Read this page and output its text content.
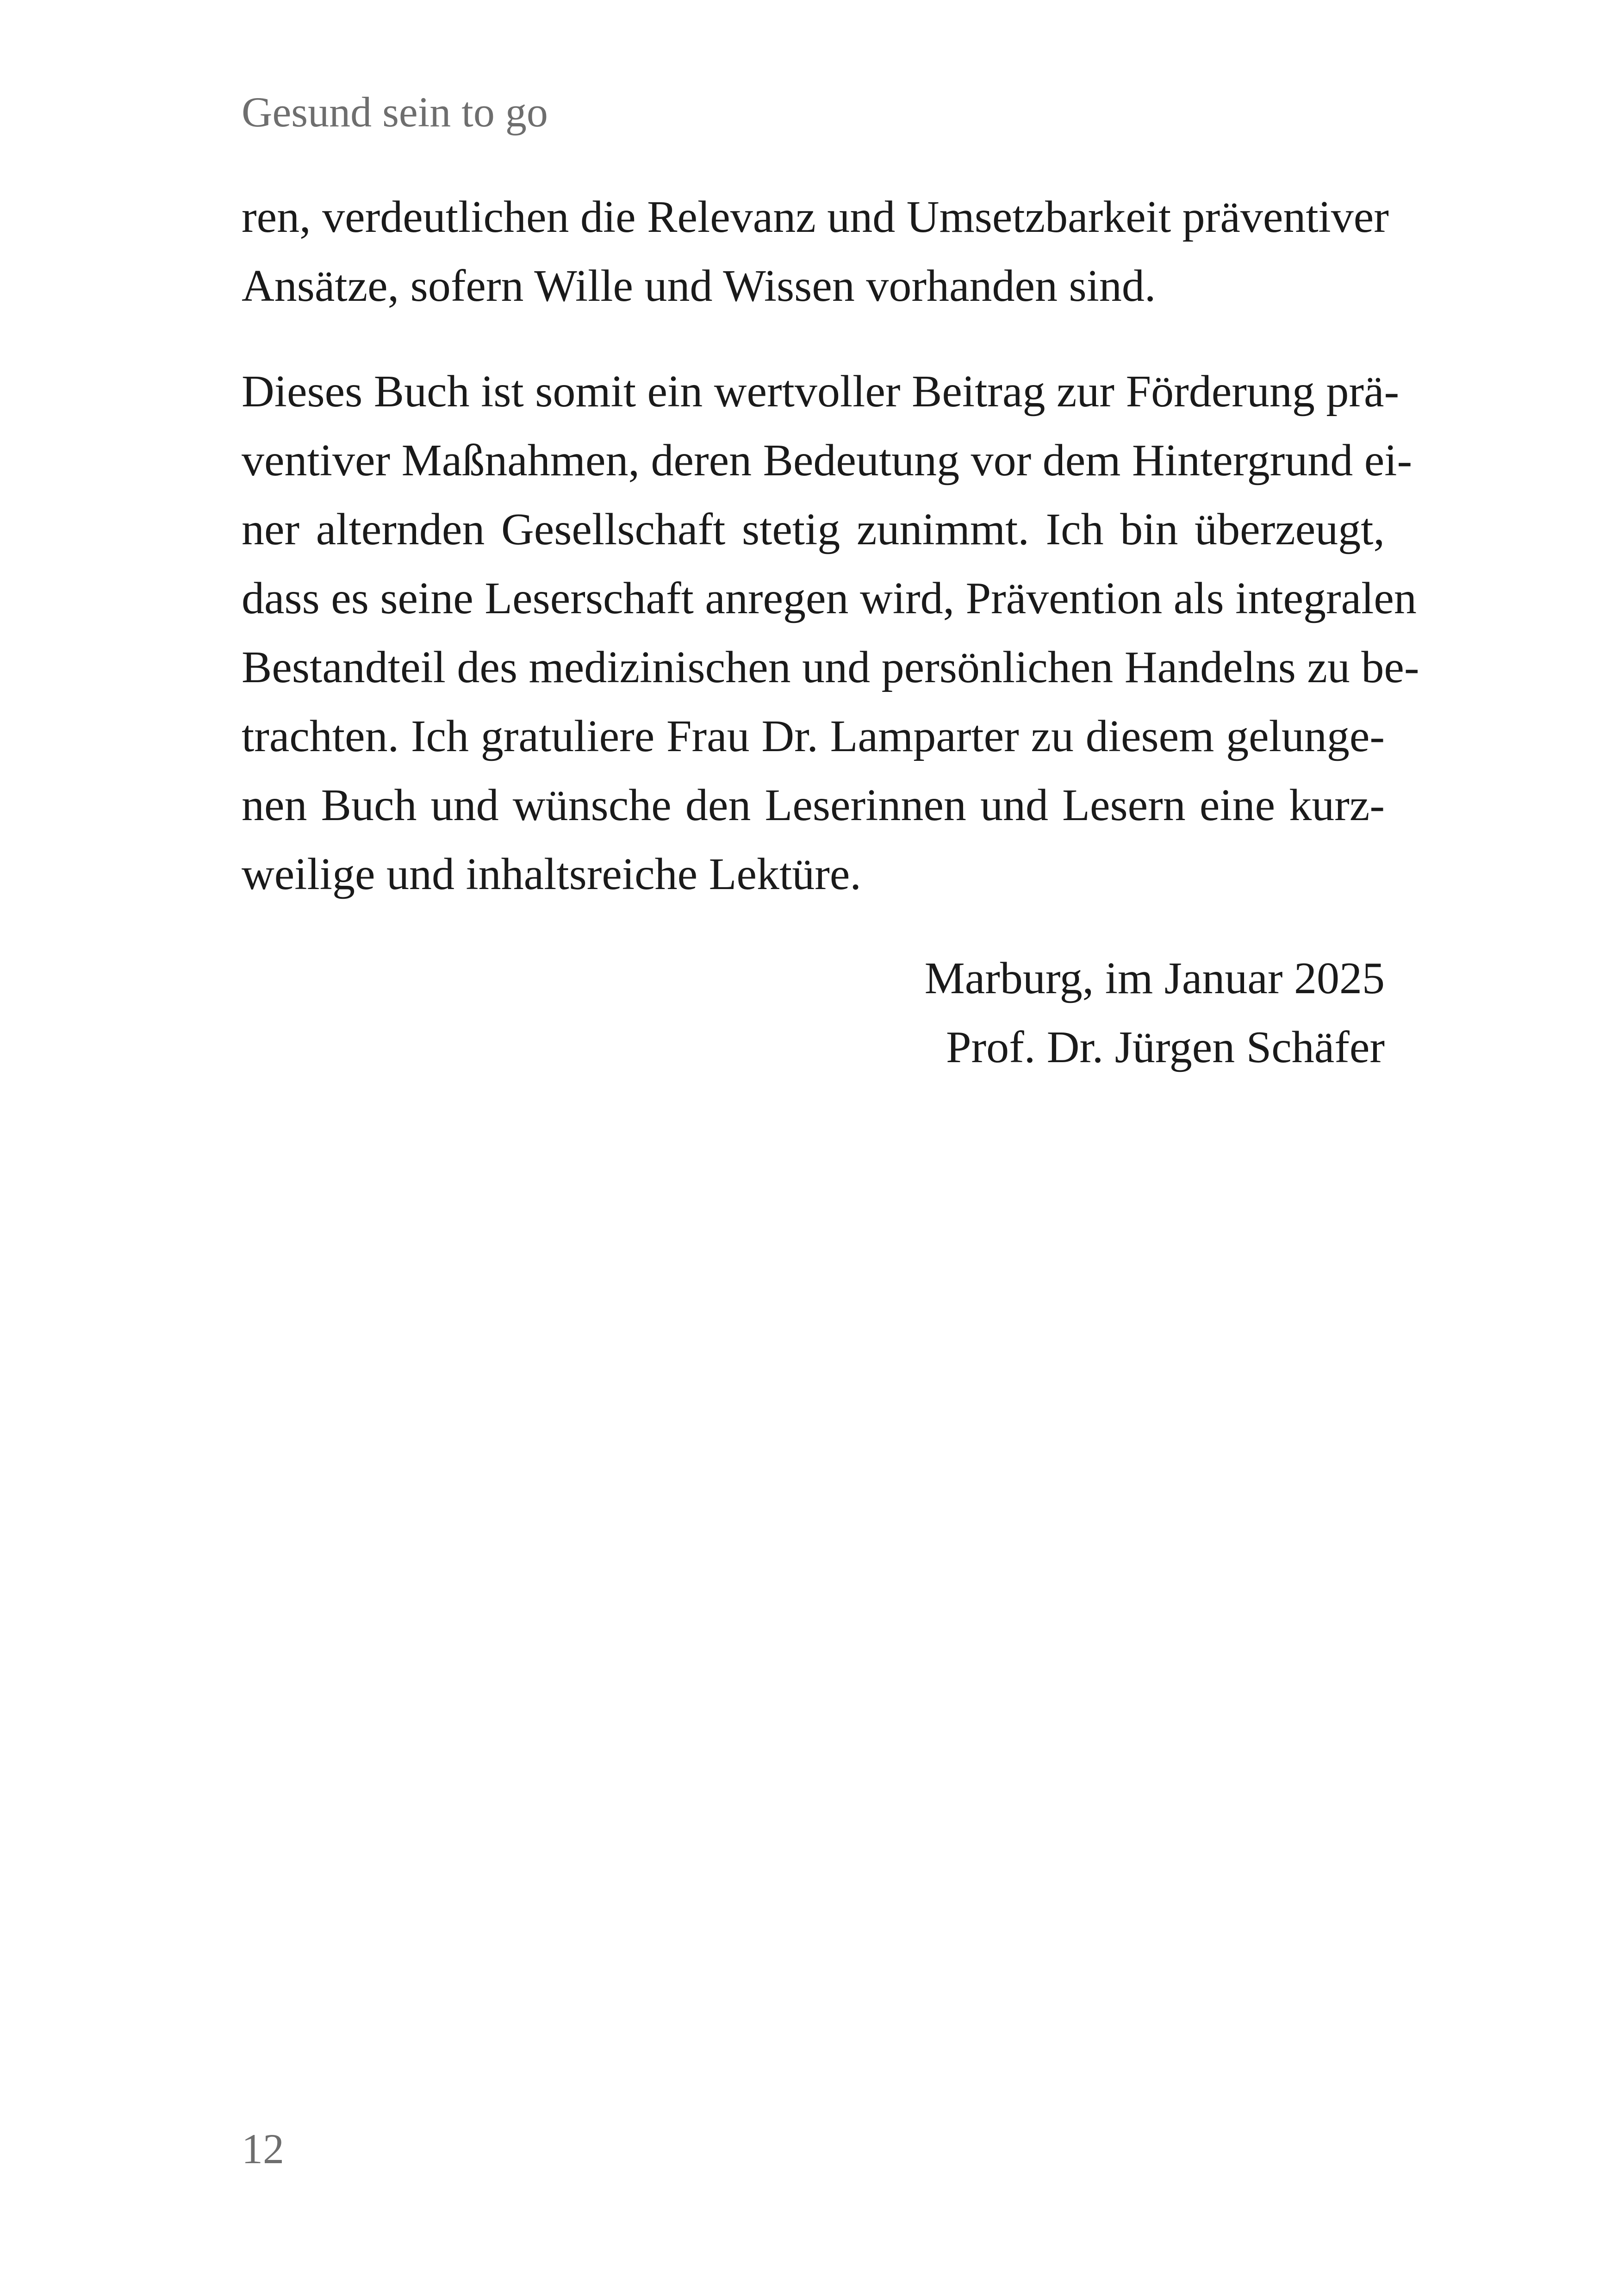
Gesund sein to go
ren, verdeutlichen die Relevanz und Umsetzbarkeit präventiver
Ansätze, sofern Wille und Wissen vorhanden sind.
Dieses Buch ist somit ein wertvoller Beitrag zur Förderung prä-
ventiver Maßnahmen, deren Bedeutung vor dem Hintergrund ei-
ner alternden Gesellschaft stetig zunimmt. Ich bin überzeugt,
dass es seine Leserschaft anregen wird, Prävention als integralen
Bestandteil des medizinischen und persönlichen Handelns zu be-
trachten. Ich gratuliere Frau Dr. Lamparter zu diesem gelunge-
nen Buch und wünsche den Leserinnen und Lesern eine kurz-
weilige und inhaltsreiche Lektüre.
Marburg, im Januar 2025
Prof. Dr. Jürgen Schäfer
12
